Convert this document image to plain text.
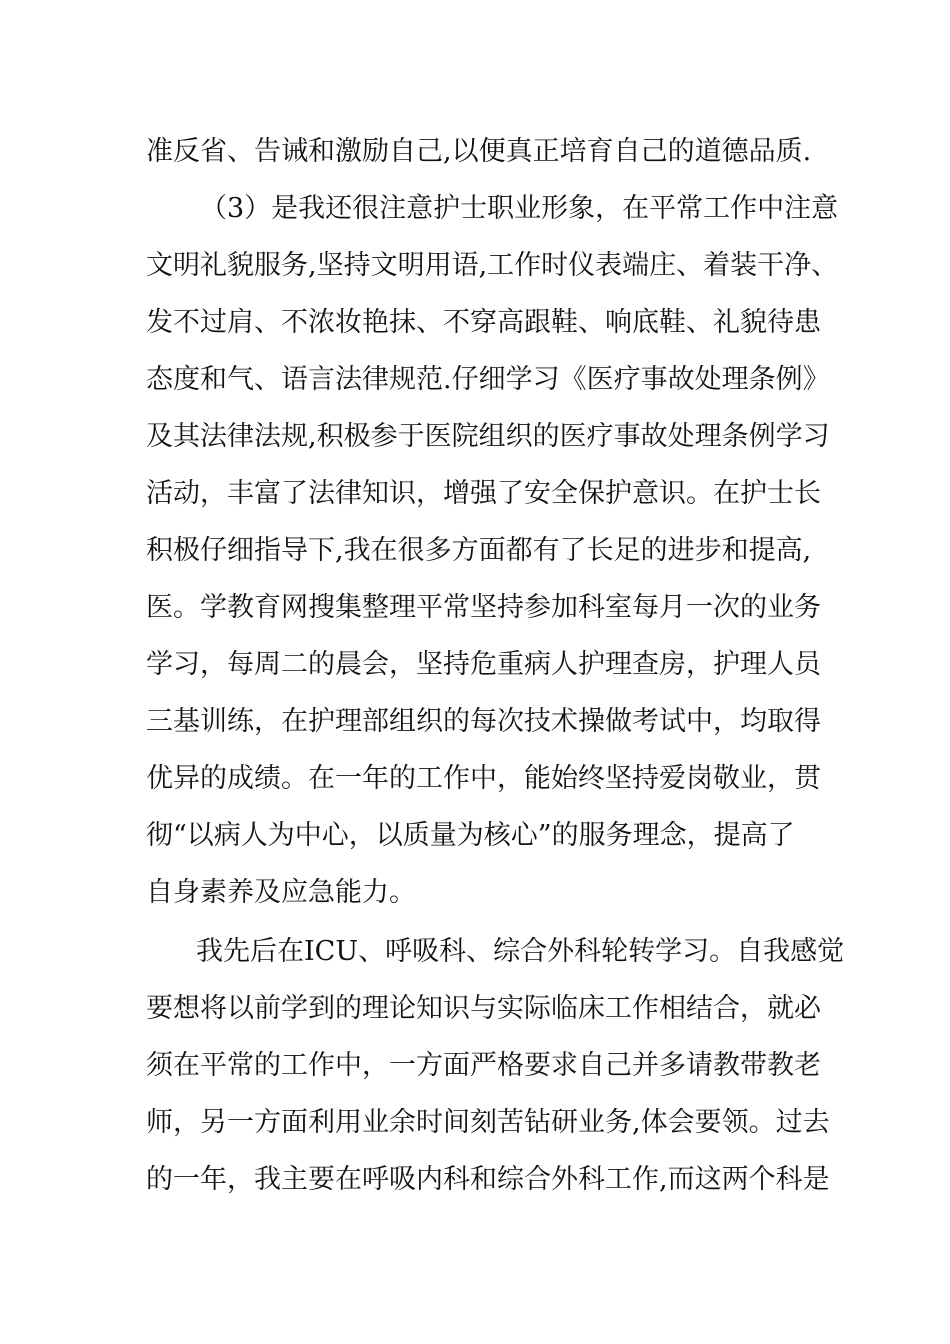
准反省、告诫和激励自己,以便真正培育自己的道德品质.
（3）是我还很注意护士职业形象，在平常工作中注意
文明礼貌服务,坚持文明用语,工作时仪表端庄、着装干净、
发不过肩、不浓妆艳抹、不穿高跟鞋、响底鞋、礼貌待患
态度和气、语言法律规范.仔细学习《医疗事故处理条例》
及其法律法规,积极参于医院组织的医疗事故处理条例学习
活动，丰富了法律知识，增强了安全保护意识。在护士长
积极仔细指导下,我在很多方面都有了长足的进步和提高,
医。学教育网搜集整理平常坚持参加科室每月一次的业务
学习，每周二的晨会，坚持危重病人护理查房，护理人员
三基训练，在护理部组织的每次技术操做考试中，均取得
优异的成绩。在一年的工作中，能始终坚持爱岗敬业，贯
彻“以病人为中心，以质量为核心”的服务理念，提高了
自身素养及应急能力。
我先后在ICU、呼吸科、综合外科轮转学习。自我感觉
要想将以前学到的理论知识与实际临床工作相结合，就必
须在平常的工作中，一方面严格要求自己并多请教带教老
师，另一方面利用业余时间刻苦钻研业务,体会要领。过去
的一年，我主要在呼吸内科和综合外科工作,而这两个科是
